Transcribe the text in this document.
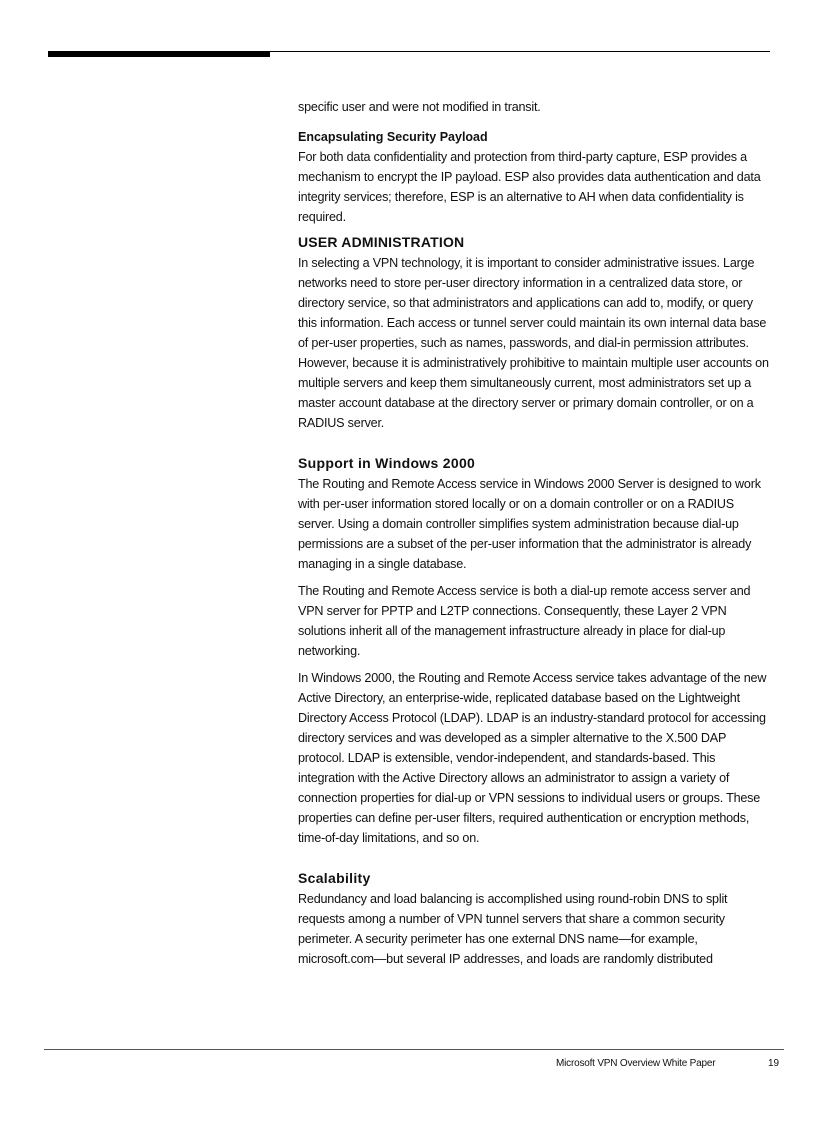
specific user and were not modified in transit.

Encapsulating Security Payload

For both data confidentiality and protection from third-party capture, ESP provides a mechanism to encrypt the IP payload. ESP also provides data authentication and data integrity services; therefore, ESP is an alternative to AH when data confidentiality is required.

USER ADMINISTRATION

In selecting a VPN technology, it is important to consider administrative issues. Large networks need to store per-user directory information in a centralized data store, or directory service, so that administrators and applications can add to, modify, or query this information. Each access or tunnel server could maintain its own internal data base of per-user properties, such as names, passwords, and dial-in permission attributes. However, because it is administratively prohibitive to maintain multiple user accounts on multiple servers and keep them simultaneously current, most administrators set up a master account database at the directory server or primary domain controller, or on a RADIUS server.

Support in Windows 2000

The Routing and Remote Access service in Windows 2000 Server is designed to work with per-user information stored locally or on a domain controller or on a RADIUS server. Using a domain controller simplifies system administration because dial-up permissions are a subset of the per-user information that the administrator is already managing in a single database.

The Routing and Remote Access service is both a dial-up remote access server and VPN server for PPTP and L2TP connections. Consequently, these Layer 2 VPN solutions inherit all of the management infrastructure already in place for dial-up networking.

In Windows 2000, the Routing and Remote Access service takes advantage of the new Active Directory, an enterprise-wide, replicated database based on the Lightweight Directory Access Protocol (LDAP). LDAP is an industry-standard protocol for accessing directory services and was developed as a simpler alternative to the X.500 DAP protocol. LDAP is extensible, vendor-independent, and standards-based. This integration with the Active Directory allows an administrator to assign a variety of connection properties for dial-up or VPN sessions to individual users or groups. These properties can define per-user filters, required authentication or encryption methods, time-of-day limitations, and so on.

Scalability

Redundancy and load balancing is accomplished using round-robin DNS to split requests among a number of VPN tunnel servers that share a common security perimeter. A security perimeter has one external DNS name—for example, microsoft.com—but several IP addresses, and loads are randomly distributed

Microsoft VPN Overview White Paper	19
